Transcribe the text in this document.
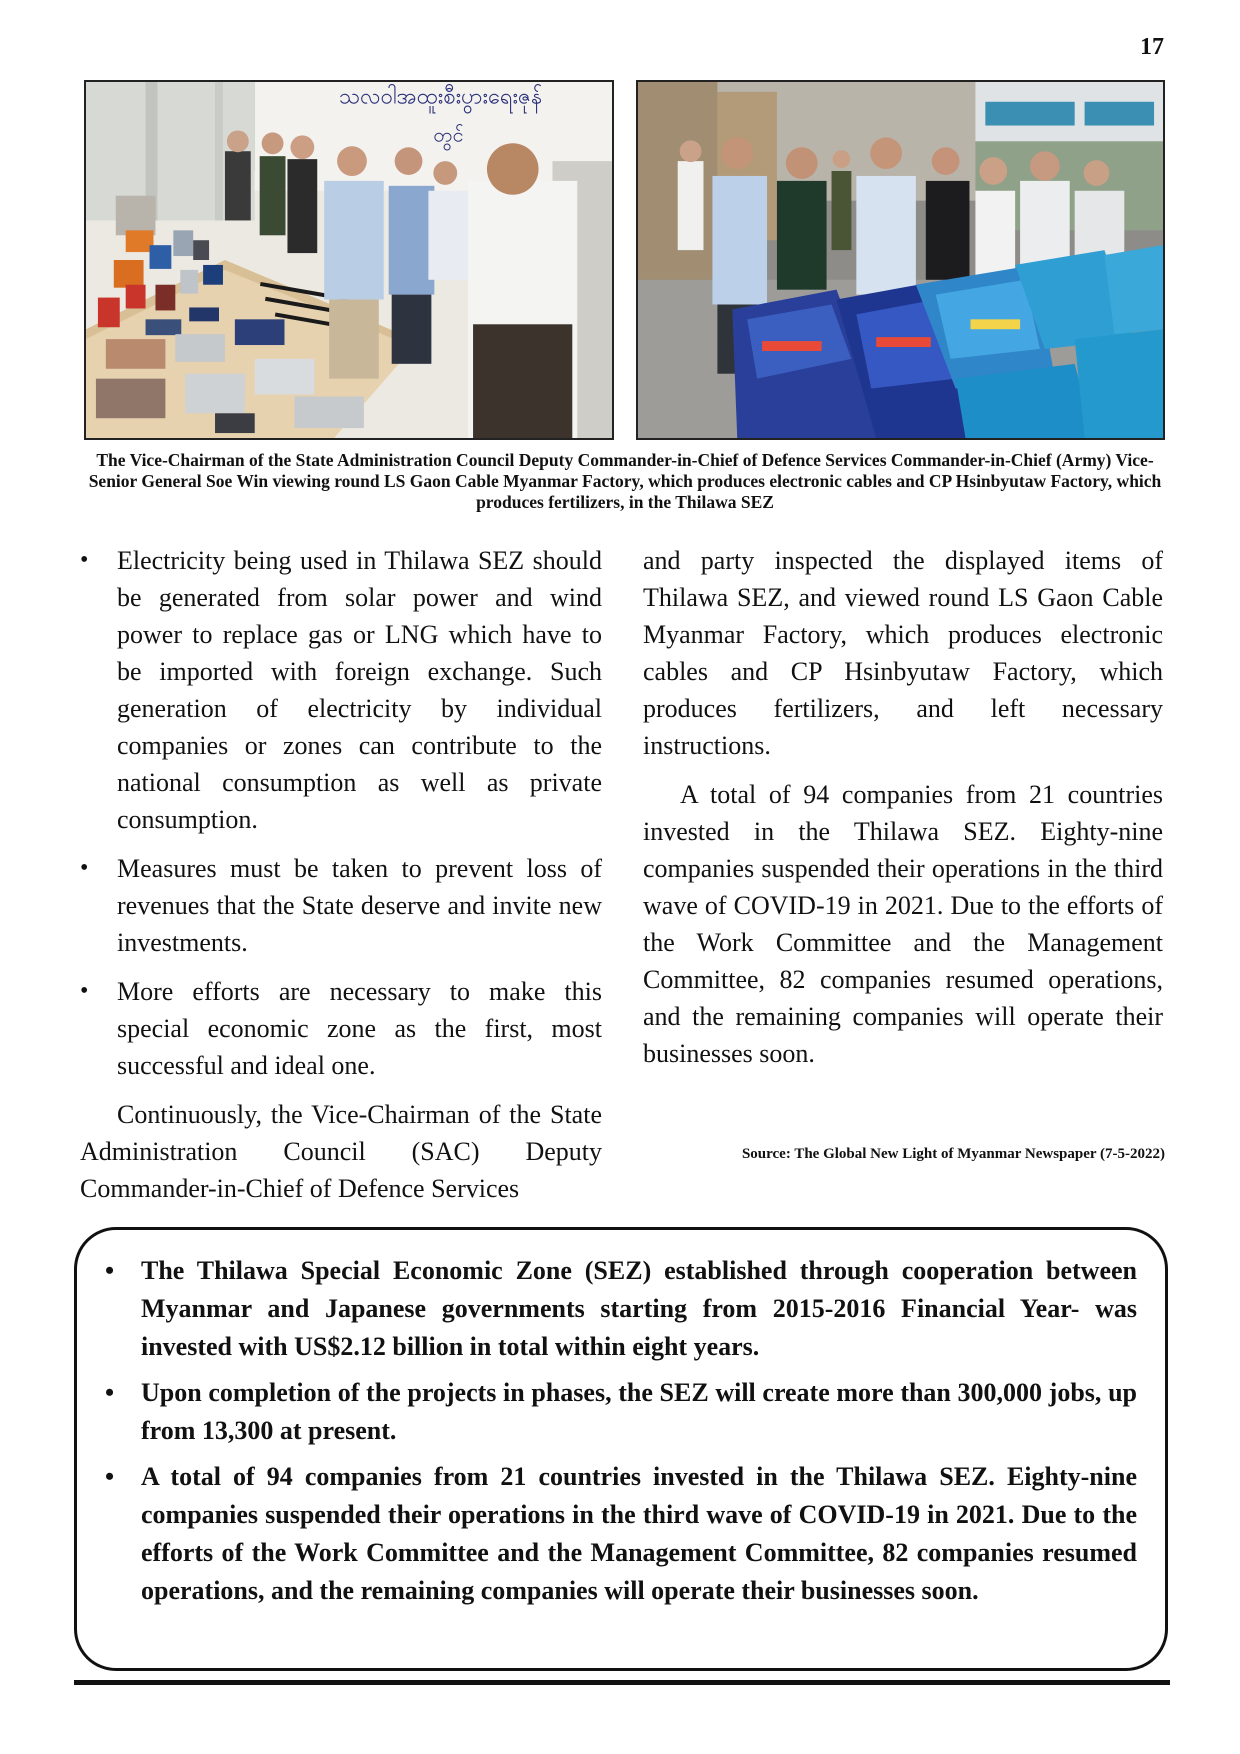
17
သလ၀ါအထူးစီးပွားရေးဇုန်
တွင်
The Vice-Chairman of the State Administration Council Deputy Commander-in-Chief of Defence Services Commander-in-Chief (Army) Vice-Senior General Soe Win viewing round LS Gaon Cable Myanmar Factory, which produces electronic cables and CP Hsinbyutaw Factory, which produces fertilizers, in the Thilawa SEZ
• Electricity being used in Thilawa SEZ should be generated from solar power and wind power to replace gas or LNG which have to be imported with foreign exchange. Such generation of electricity by individual companies or zones can contribute to the national consumption as well as private consumption.
• Measures must be taken to prevent loss of revenues that the State deserve and invite new investments.
• More efforts are necessary to make this special economic zone as the first, most successful and ideal one.

Continuously, the Vice-Chairman of the State Administration Council (SAC) Deputy Commander-in-Chief of Defence Services

and party inspected the displayed items of Thilawa SEZ, and viewed round LS Gaon Cable Myanmar Factory, which produces electronic cables and CP Hsinbyutaw Factory, which produces fertilizers, and left necessary instructions.

A total of 94 companies from 21 countries invested in the Thilawa SEZ. Eighty-nine companies suspended their operations in the third wave of COVID-19 in 2021. Due to the efforts of the Work Committee and the Management Committee, 82 companies resumed operations, and the remaining companies will operate their businesses soon.

Source: The Global New Light of Myanmar Newspaper (7-5-2022)
• The Thilawa Special Economic Zone (SEZ) established through cooperation between Myanmar and Japanese governments starting from 2015-2016 Financial Year- was invested with US$2.12 billion in total within eight years.
• Upon completion of the projects in phases, the SEZ will create more than 300,000 jobs, up from 13,300 at present.
• A total of 94 companies from 21 countries invested in the Thilawa SEZ. Eighty-nine companies suspended their operations in the third wave of COVID-19 in 2021. Due to the efforts of the Work Committee and the Management Committee, 82 companies resumed operations, and the remaining companies will operate their businesses soon.
